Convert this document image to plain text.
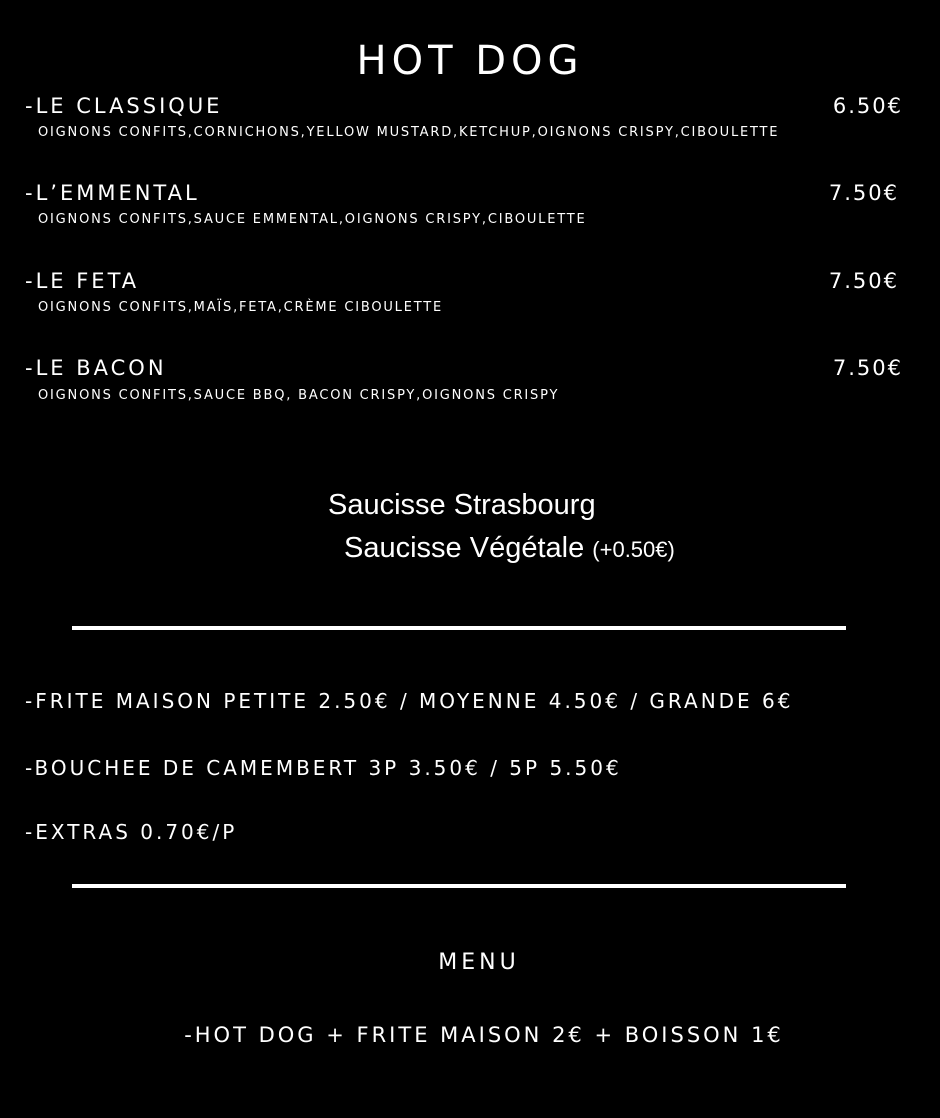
HOT DOG
-LE CLASSIQUE	6.50€
OIGNONS CONFITS,CORNICHONS,YELLOW MUSTARD,KETCHUP,OIGNONS CRISPY,CIBOULETTE
-L’EMMENTAL	7.50€
OIGNONS CONFITS,SAUCE EMMENTAL,OIGNONS CRISPY,CIBOULETTE
-LE FETA	7.50€
OIGNONS CONFITS,MAÏS,FETA,CRÈME CIBOULETTE
-LE BACON	7.50€
OIGNONS CONFITS,SAUCE BBQ, BACON CRISPY,OIGNONS CRISPY
Saucisse Strasbourg
Saucisse Végétale (+0.50€)
-FRITE MAISON PETITE 2.50€ / MOYENNE 4.50€ / GRANDE 6€
-BOUCHEE DE CAMEMBERT 3P 3.50€ / 5P 5.50€
-EXTRAS 0.70€/P
MENU
-HOT DOG + FRITE MAISON 2€ + BOISSON 1€
